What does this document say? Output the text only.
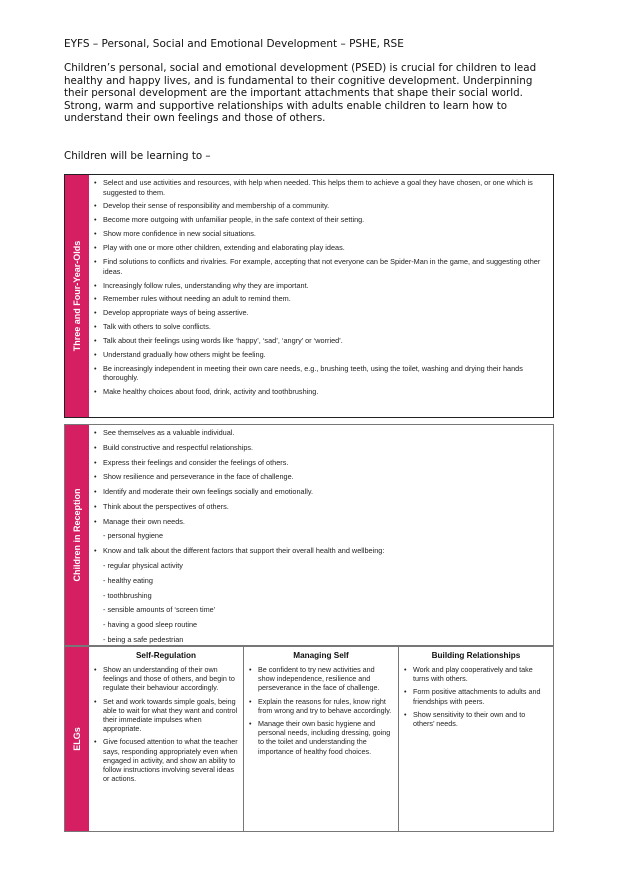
EYFS – Personal, Social and Emotional Development – PSHE, RSE
Children’s personal, social and emotional development (PSED) is crucial for children to lead healthy and happy lives, and is fundamental to their cognitive development. Underpinning their personal development are the important attachments that shape their social world. Strong, warm and supportive relationships with adults enable children to learn how to understand their own feelings and those of others.
Children will be learning to –
Three and Four-Year-Olds
• Select and use activities and resources, with help when needed. This helps them to achieve a goal they have chosen, or one which is suggested to them.
• Develop their sense of responsibility and membership of a community.
• Become more outgoing with unfamiliar people, in the safe context of their setting.
• Show more confidence in new social situations.
• Play with one or more other children, extending and elaborating play ideas.
• Find solutions to conflicts and rivalries. For example, accepting that not everyone can be Spider-Man in the game, and suggesting other ideas.
• Increasingly follow rules, understanding why they are important.
• Remember rules without needing an adult to remind them.
• Develop appropriate ways of being assertive.
• Talk with others to solve conflicts.
• Talk about their feelings using words like ‘happy’, ‘sad’, ‘angry’ or ‘worried’.
• Understand gradually how others might be feeling.
• Be increasingly independent in meeting their own care needs, e.g., brushing teeth, using the toilet, washing and drying their hands thoroughly.
• Make healthy choices about food, drink, activity and toothbrushing.
Children in Reception
• See themselves as a valuable individual.
• Build constructive and respectful relationships.
• Express their feelings and consider the feelings of others.
• Show resilience and perseverance in the face of challenge.
• Identify and moderate their own feelings socially and emotionally.
• Think about the perspectives of others.
• Manage their own needs.
- personal hygiene
• Know and talk about the different factors that support their overall health and wellbeing:
- regular physical activity
- healthy eating
- toothbrushing
- sensible amounts of ‘screen time’
- having a good sleep routine
- being a safe pedestrian
ELGs
Self-Regulation
• Show an understanding of their own feelings and those of others, and begin to regulate their behaviour accordingly.
• Set and work towards simple goals, being able to wait for what they want and control their immediate impulses when appropriate.
• Give focused attention to what the teacher says, responding appropriately even when engaged in activity, and show an ability to follow instructions involving several ideas or actions.
Managing Self
• Be confident to try new activities and show independence, resilience and perseverance in the face of challenge.
• Explain the reasons for rules, know right from wrong and try to behave accordingly.
• Manage their own basic hygiene and personal needs, including dressing, going to the toilet and understanding the importance of healthy food choices.
Building Relationships
• Work and play cooperatively and take turns with others.
• Form positive attachments to adults and friendships with peers.
• Show sensitivity to their own and to others’ needs.
